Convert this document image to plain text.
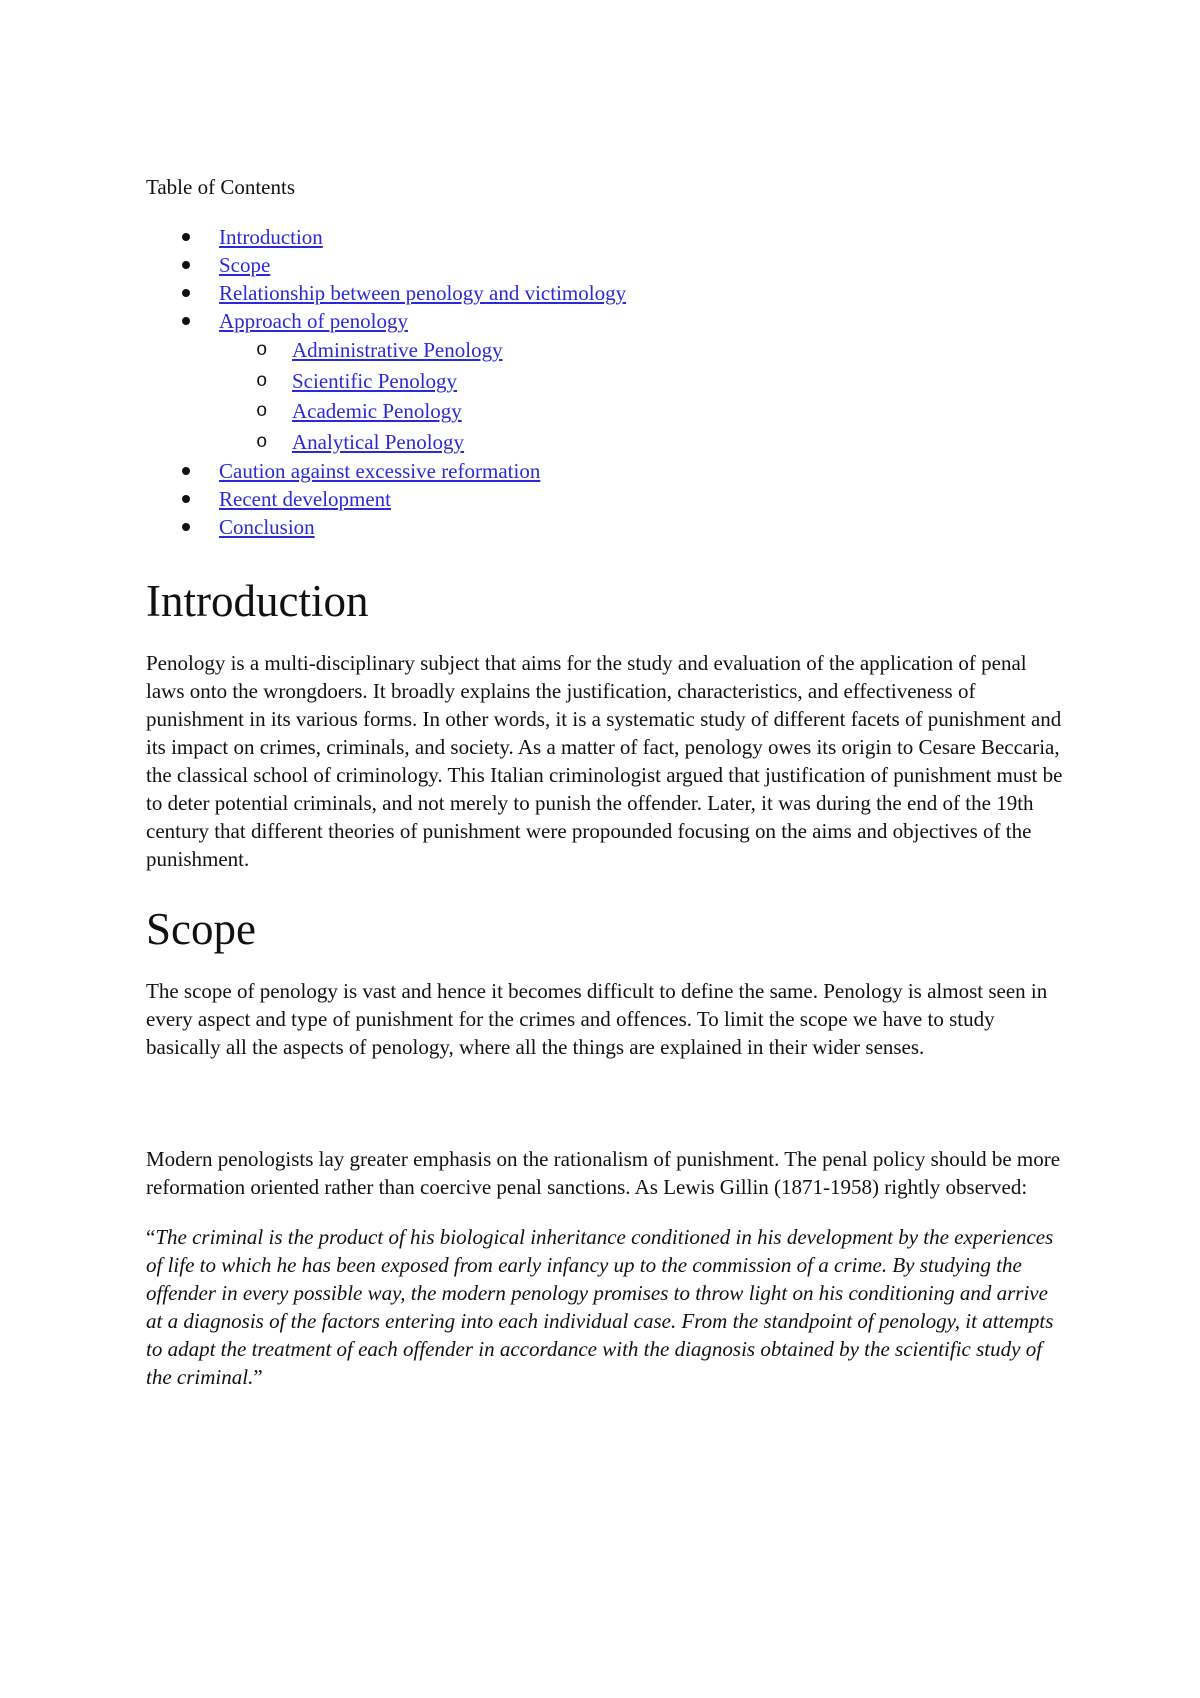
Table of Contents
Introduction
Scope
Relationship between penology and victimology
Approach of penology
o Administrative Penology
o Scientific Penology
o Academic Penology
o Analytical Penology
Caution against excessive reformation
Recent development
Conclusion
Introduction

Penology is a multi-disciplinary subject that aims for the study and evaluation of the application of penal laws onto the wrongdoers. It broadly explains the justification, characteristics, and effectiveness of punishment in its various forms. In other words, it is a systematic study of different facets of punishment and its impact on crimes, criminals, and society. As a matter of fact, penology owes its origin to Cesare Beccaria, the classical school of criminology. This Italian criminologist argued that justification of punishment must be to deter potential criminals, and not merely to punish the offender. Later, it was during the end of the 19th century that different theories of punishment were propounded focusing on the aims and objectives of the punishment.

Scope

The scope of penology is vast and hence it becomes difficult to define the same. Penology is almost seen in every aspect and type of punishment for the crimes and offences. To limit the scope we have to study basically all the aspects of penology, where all the things are explained in their wider senses.

Modern penologists lay greater emphasis on the rationalism of punishment. The penal policy should be more reformation oriented rather than coercive penal sanctions. As Lewis Gillin (1871-1958) rightly observed:

“The criminal is the product of his biological inheritance conditioned in his development by the experiences of life to which he has been exposed from early infancy up to the commission of a crime. By studying the offender in every possible way, the modern penology promises to throw light on his conditioning and arrive at a diagnosis of the factors entering into each individual case. From the standpoint of penology, it attempts to adapt the treatment of each offender in accordance with the diagnosis obtained by the scientific study of the criminal.”
